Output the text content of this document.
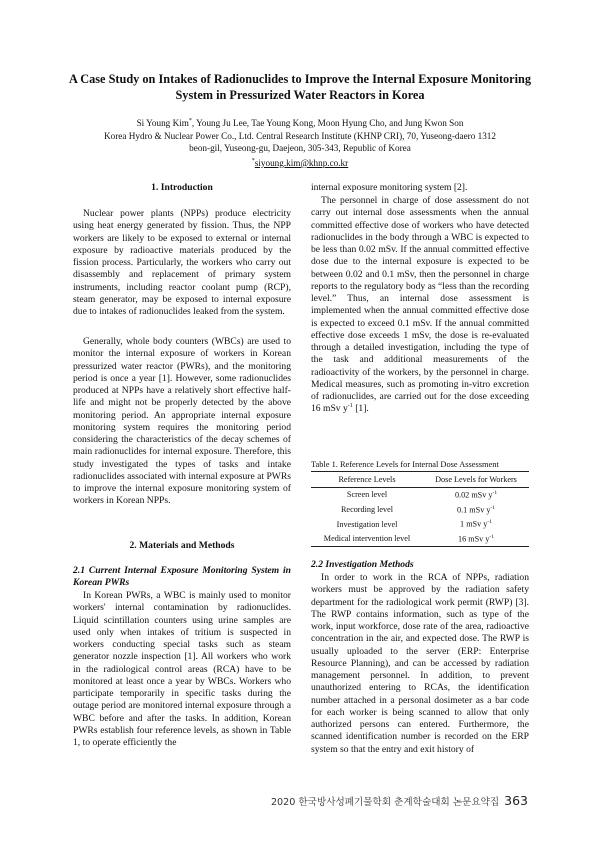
A Case Study on Intakes of Radionuclides to Improve the Internal Exposure Monitoring System in Pressurized Water Reactors in Korea
Si Young Kim*, Young Ju Lee, Tae Young Kong, Moon Hyung Cho, and Jung Kwon Son
Korea Hydro & Nuclear Power Co., Ltd. Central Research Institute (KHNP CRI), 70, Yuseong-daero 1312
beon-gil, Yuseong-gu, Daejeon, 305-343, Republic of Korea
*siyoung.kim@khnp.co.kr
1. Introduction
Nuclear power plants (NPPs) produce electricity using heat energy generated by fission. Thus, the NPP workers are likely to be exposed to external or internal exposure by radioactive materials produced by the fission process. Particularly, the workers who carry out disassembly and replacement of primary system instruments, including reactor coolant pump (RCP), steam generator, may be exposed to internal exposure due to intakes of radionuclides leaked from the system.
Generally, whole body counters (WBCs) are used to monitor the internal exposure of workers in Korean pressurized water reactor (PWRs), and the monitoring period is once a year [1]. However, some radionuclides produced at NPPs have a relatively short effective half-life and might not be properly detected by the above monitoring period. An appropriate internal exposure monitoring system requires the monitoring period considering the characteristics of the decay schemes of main radionuclides for internal exposure. Therefore, this study investigated the types of tasks and intake radionuclides associated with internal exposure at PWRs to improve the internal exposure monitoring system of workers in Korean NPPs.
2. Materials and Methods
2.1 Current Internal Exposure Monitoring System in Korean PWRs
In Korean PWRs, a WBC is mainly used to monitor workers' internal contamination by radionuclides. Liquid scintillation counters using urine samples are used only when intakes of tritium is suspected in workers conducting special tasks such as steam generator nozzle inspection [1]. All workers who work in the radiological control areas (RCA) have to be monitored at least once a year by WBCs. Workers who participate temporarily in specific tasks during the outage period are monitored internal exposure through a WBC before and after the tasks. In addition, Korean PWRs establish four reference levels, as shown in Table 1, to operate efficiently the
internal exposure monitoring system [2].
The personnel in charge of dose assessment do not carry out internal dose assessments when the annual committed effective dose of workers who have detected radionuclides in the body through a WBC is expected to be less than 0.02 mSv. If the annual committed effective dose due to the internal exposure is expected to be between 0.02 and 0.1 mSv, then the personnel in charge reports to the regulatory body as “less than the recording level.” Thus, an internal dose assessment is implemented when the annual committed effective dose is expected to exceed 0.1 mSv. If the annual committed effective dose exceeds 1 mSv, the dose is re-evaluated through a detailed investigation, including the type of the task and additional measurements of the radioactivity of the workers, by the personnel in charge. Medical measures, such as promoting in-vitro excretion of radionuclides, are carried out for the dose exceeding 16 mSv $y^{-1}$ [1].
Table 1. Reference Levels for Internal Dose Assessment
Reference Levels	Dose Levels for Workers
Screen level	0.02 mSv $y^{-1}$
Recording level	0.1 mSv $y^{-1}$
Investigation level	1 mSv $y^{-1}$
Medical intervention level	16 mSv $y^{-1}$
2.2 Investigation Methods
In order to work in the RCA of NPPs, radiation workers must be approved by the radiation safety department for the radiological work permit (RWP) [3]. The RWP contains information, such as type of the work, input workforce, dose rate of the area, radioactive concentration in the air, and expected dose. The RWP is usually uploaded to the server (ERP: Enterprise Resource Planning), and can be accessed by radiation management personnel. In addition, to prevent unauthorized entering to RCAs, the identification number attached in a personal dosimeter as a bar code for each worker is being scanned to allow that only authorized persons can entered. Furthermore, the scanned identification number is recorded on the ERP system so that the entry and exit history of
2020 한국방사성폐기물학회 춘계학술대회 논문요약집 363
